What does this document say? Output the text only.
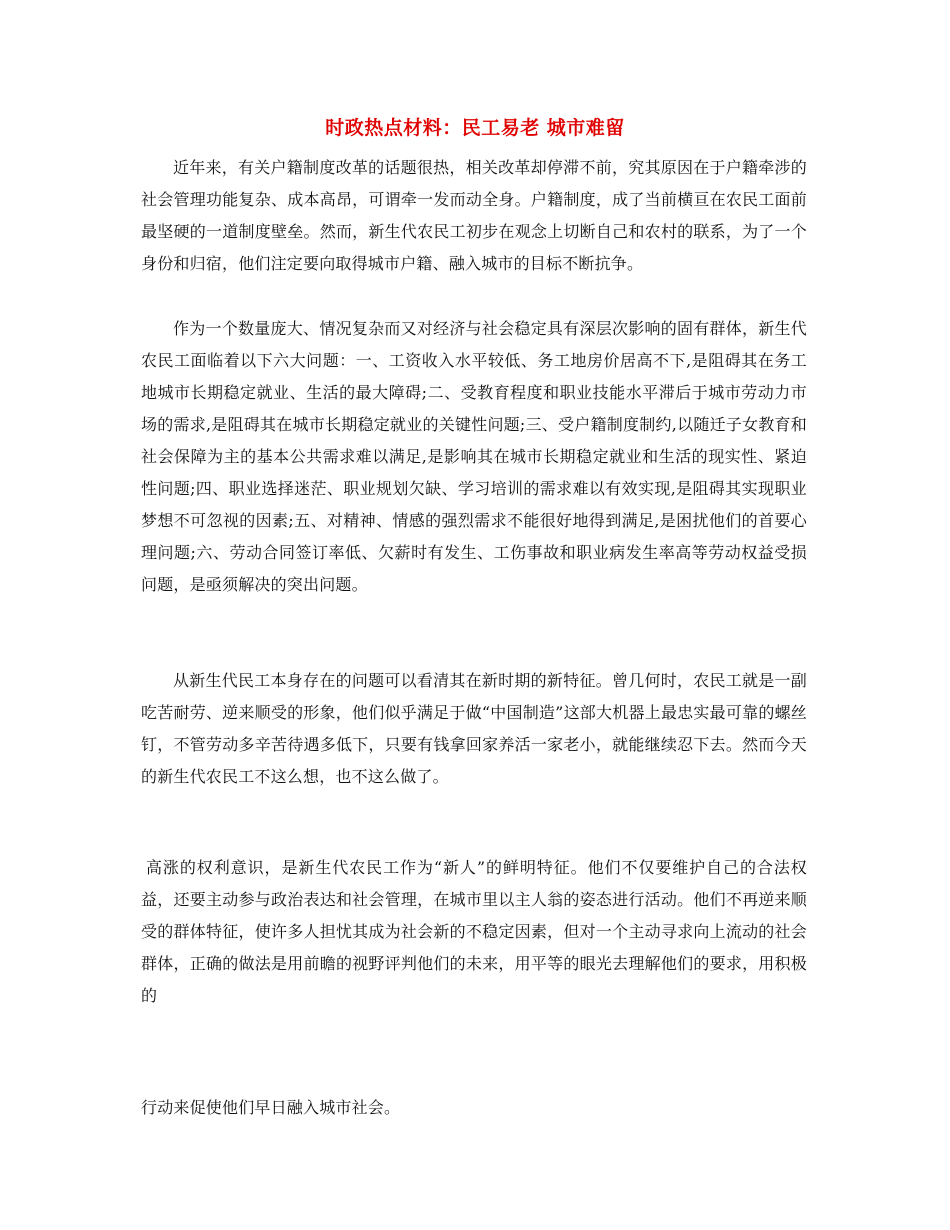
时政热点材料：民工易老 城市难留

近年来，有关户籍制度改革的话题很热，相关改革却停滞不前，究其原因在于户籍牵涉的社会管理功能复杂、成本高昂，可谓牵一发而动全身。户籍制度，成了当前横亘在农民工面前最坚硬的一道制度壁垒。然而，新生代农民工初步在观念上切断自己和农村的联系，为了一个身份和归宿，他们注定要向取得城市户籍、融入城市的目标不断抗争。

作为一个数量庞大、情况复杂而又对经济与社会稳定具有深层次影响的固有群体，新生代农民工面临着以下六大问题：一、工资收入水平较低、务工地房价居高不下,是阻碍其在务工地城市长期稳定就业、生活的最大障碍;二、受教育程度和职业技能水平滞后于城市劳动力市场的需求,是阻碍其在城市长期稳定就业的关键性问题;三、受户籍制度制约,以随迁子女教育和社会保障为主的基本公共需求难以满足,是影响其在城市长期稳定就业和生活的现实性、紧迫性问题;四、职业选择迷茫、职业规划欠缺、学习培训的需求难以有效实现,是阻碍其实现职业梦想不可忽视的因素;五、对精神、情感的强烈需求不能很好地得到满足,是困扰他们的首要心理问题;六、劳动合同签订率低、欠薪时有发生、工伤事故和职业病发生率高等劳动权益受损问题，是亟须解决的突出问题。

从新生代民工本身存在的问题可以看清其在新时期的新特征。曾几何时，农民工就是一副吃苦耐劳、逆来顺受的形象，他们似乎满足于做“中国制造”这部大机器上最忠实最可靠的螺丝钉，不管劳动多辛苦待遇多低下，只要有钱拿回家养活一家老小，就能继续忍下去。然而今天的新生代农民工不这么想，也不这么做了。

高涨的权利意识，是新生代农民工作为“新人”的鲜明特征。他们不仅要维护自己的合法权益，还要主动参与政治表达和社会管理，在城市里以主人翁的姿态进行活动。他们不再逆来顺受的群体特征，使许多人担忧其成为社会新的不稳定因素，但对一个主动寻求向上流动的社会群体，正确的做法是用前瞻的视野评判他们的未来，用平等的眼光去理解他们的要求，用积极的

行动来促使他们早日融入城市社会。
